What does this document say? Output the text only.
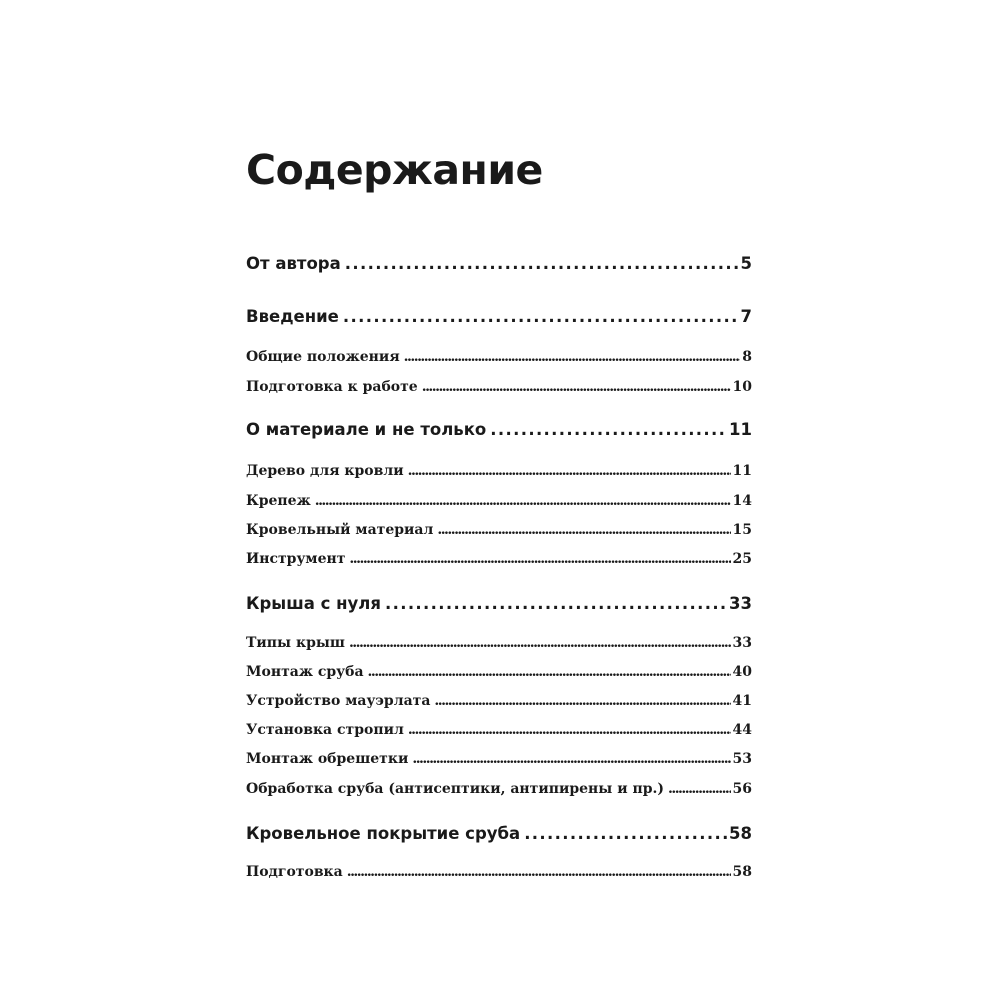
Содержание
От автора . . .	5
Введение . . .	7
Общие положения . . .	8
Подготовка к работе . . .	10
О материале и не только . . .	11
Дерево для кровли . . .	11
Крепеж . . .	14
Кровельный материал . . .	15
Инструмент . . .	25
Крыша с нуля . . .	33
Типы крыш . . .	33
Монтаж сруба . . .	40
Устройство мауэрлата . . .	41
Установка стропил . . .	44
Монтаж обрешетки . . .	53
Обработка сруба (антисептики, антипирены и пр.) . . .	56
Кровельное покрытие сруба . . .	58
Подготовка . . .	58
